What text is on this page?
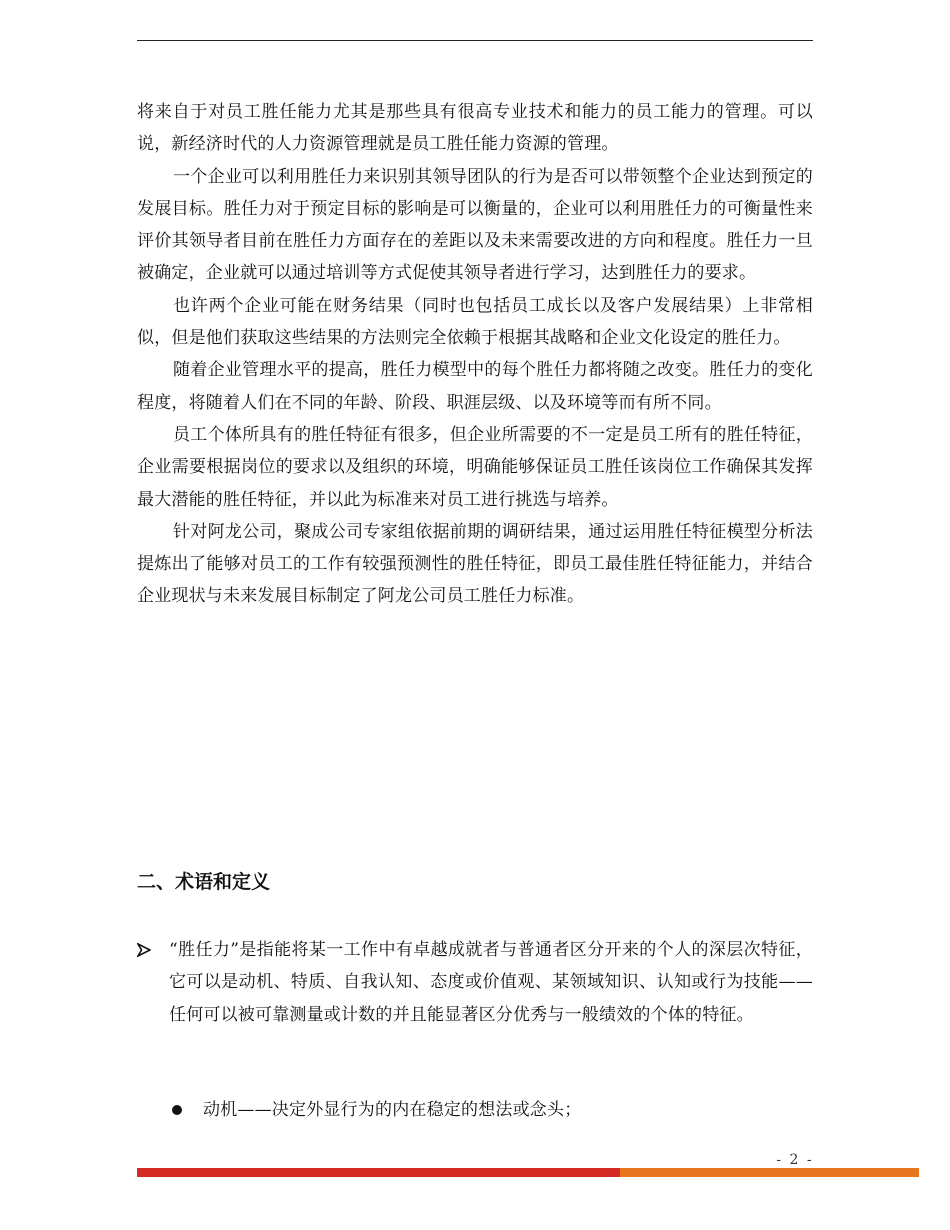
将来自于对员工胜任能力尤其是那些具有很高专业技术和能力的员工能力的管理。可以说，新经济时代的人力资源管理就是员工胜任能力资源的管理。

一个企业可以利用胜任力来识别其领导团队的行为是否可以带领整个企业达到预定的发展目标。胜任力对于预定目标的影响是可以衡量的，企业可以利用胜任力的可衡量性来评价其领导者目前在胜任力方面存在的差距以及未来需要改进的方向和程度。胜任力一旦被确定，企业就可以通过培训等方式促使其领导者进行学习，达到胜任力的要求。

也许两个企业可能在财务结果（同时也包括员工成长以及客户发展结果）上非常相似，但是他们获取这些结果的方法则完全依赖于根据其战略和企业文化设定的胜任力。

随着企业管理水平的提高，胜任力模型中的每个胜任力都将随之改变。胜任力的变化程度，将随着人们在不同的年龄、阶段、职涯层级、以及环境等而有所不同。

员工个体所具有的胜任特征有很多，但企业所需要的不一定是员工所有的胜任特征，企业需要根据岗位的要求以及组织的环境，明确能够保证员工胜任该岗位工作确保其发挥最大潜能的胜任特征，并以此为标准来对员工进行挑选与培养。

针对阿龙公司，聚成公司专家组依据前期的调研结果，通过运用胜任特征模型分析法提炼出了能够对员工的工作有较强预测性的胜任特征，即员工最佳胜任特征能力，并结合企业现状与未来发展目标制定了阿龙公司员工胜任力标准。

二、术语和定义

“胜任力”是指能将某一工作中有卓越成就者与普通者区分开来的个人的深层次特征，它可以是动机、特质、自我认知、态度或价值观、某领域知识、认知或行为技能——任何可以被可靠测量或计数的并且能显著区分优秀与一般绩效的个体的特征。

动机——决定外显行为的内在稳定的想法或念头；

- 2 -
